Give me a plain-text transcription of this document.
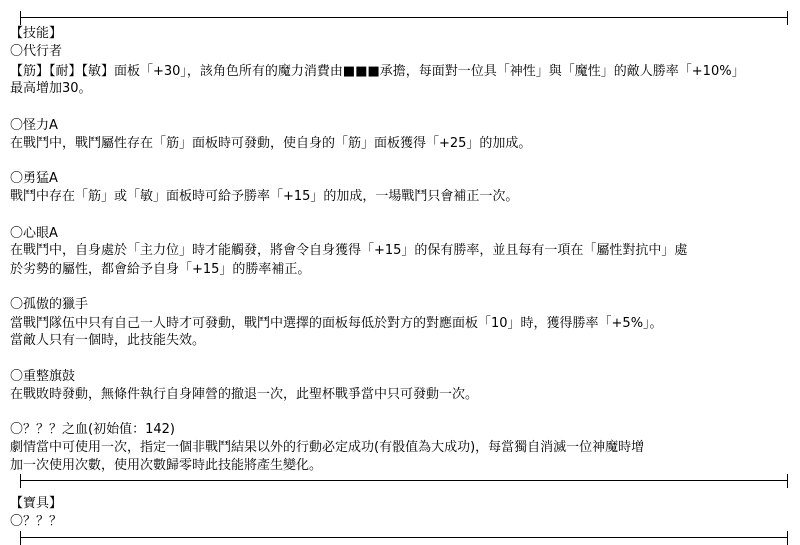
【技能】
〇代行者
【筋】【耐】【敏】面板「+30」，該角色所有的魔力消費由■■■承擔，每面對一位具「神性」與「魔性」的敵人勝率「+10%」
最高增加30。
〇怪力A
在戰鬥中，戰鬥屬性存在「筋」面板時可發動，使自身的「筋」面板獲得「+25」的加成。
〇勇猛A
戰鬥中存在「筋」或「敏」面板時可給予勝率「+15」的加成，一場戰鬥只會補正一次。
〇心眼A
在戰鬥中，自身處於「主力位」時才能觸發，將會令自身獲得「+15」的保有勝率，並且每有一項在「屬性對抗中」處
於劣勢的屬性，都會給予自身「+15」的勝率補正。
〇孤傲的獵手
當戰鬥隊伍中只有自己一人時才可發動，戰鬥中選擇的面板每低於對方的對應面板「10」時，獲得勝率「+5%」。
當敵人只有一個時，此技能失效。
〇重整旗鼓
在戰敗時發動，無條件執行自身陣營的撤退一次，此聖杯戰爭當中只可發動一次。
〇？？？之血(初始值：142)
劇情當中可使用一次，指定一個非戰鬥結果以外的行動必定成功(有骰值為大成功)，每當獨自消滅一位神魔時增
加一次使用次數，使用次數歸零時此技能將產生變化。
【寶具】
〇？？？
